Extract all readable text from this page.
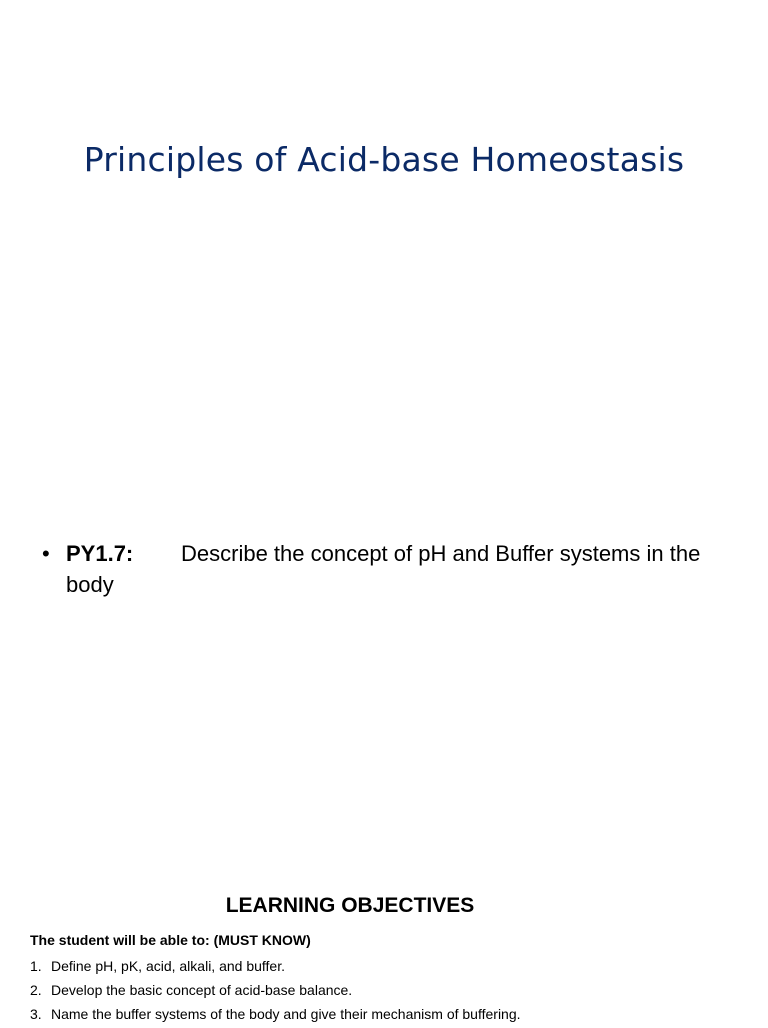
Principles of Acid-base Homeostasis
• PY1.7: Describe the concept of pH and Buffer systems in the body
LEARNING OBJECTIVES
The student will be able to: (MUST KNOW)
1. Define pH, pK, acid, alkali, and buffer.
2. Develop the basic concept of acid-base balance.
3. Name the buffer systems of the body and give their mechanism of buffering.
